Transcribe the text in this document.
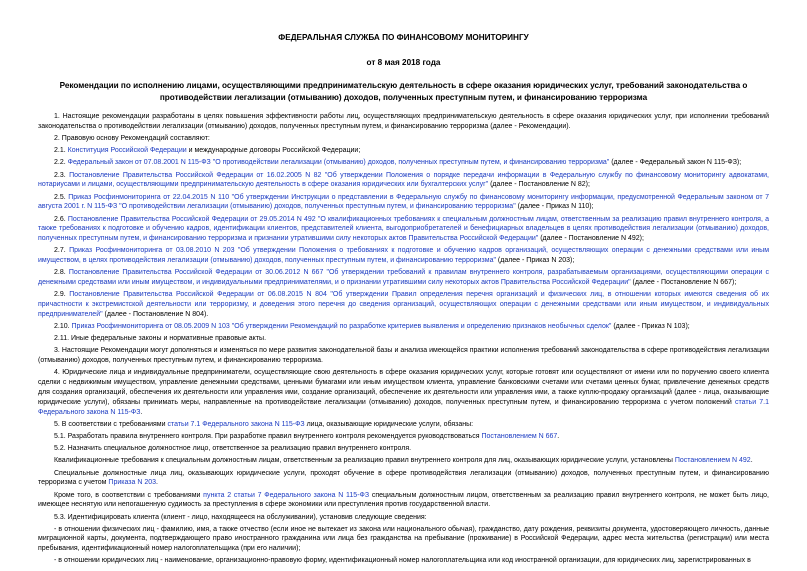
ФЕДЕРАЛЬНАЯ СЛУЖБА ПО ФИНАНСОВОМУ МОНИТОРИНГУ
от 8 мая 2018 года
Рекомендации по исполнению лицами, осуществляющими предпринимательскую деятельность в сфере оказания юридических услуг, требований законодательства о противодействии легализации (отмыванию) доходов, полученных преступным путем, и финансированию терроризма
1. Настоящие рекомендации разработаны в целях повышения эффективности работы лиц, осуществляющих предпринимательскую деятельность в сфере оказания юридических услуг, при исполнении требований законодательства о противодействии легализации (отмыванию) доходов, полученных преступным путем, и финансированию терроризма (далее - Рекомендации).
2. Правовую основу Рекомендаций составляют:
2.1. Конституция Российской Федерации и международные договоры Российской Федерации;
2.2. Федеральный закон от 07.08.2001 N 115-ФЗ "О противодействии легализации (отмыванию) доходов, полученных преступным путем, и финансированию терроризма" (далее - Федеральный закон N 115-ФЗ);
2.3. Постановление Правительства Российской Федерации от 16.02.2005 N 82 "Об утверждении Положения о порядке передачи информации в Федеральную службу по финансовому мониторингу адвокатами, нотариусами и лицами, осуществляющими предпринимательскую деятельность в сфере оказания юридических или бухгалтерских услуг" (далее - Постановление N 82);
2.5. Приказ Росфинмониторинга от 22.04.2015 N 110 "Об утверждении Инструкции о представлении в Федеральную службу по финансовому мониторингу информации, предусмотренной Федеральным законом от 7 августа 2001 г. N 115-ФЗ "О противодействии легализации (отмыванию) доходов, полученных преступным путем, и финансированию терроризма" (далее - Приказ N 110);
2.6. Постановление Правительства Российской Федерации от 29.05.2014 N 492 "О квалификационных требованиях к специальным должностным лицам, ответственным за реализацию правил внутреннего контроля, а также требованиях к подготовке и обучению кадров, идентификации клиентов, представителей клиента, выгодоприобретателей и бенефициарных владельцев в целях противодействия легализации (отмыванию) доходов, полученных преступным путем, и финансированию терроризма и признании утратившими силу некоторых актов Правительства Российской Федерации" (далее - Постановление N 492);
2.7. Приказ Росфинмониторинга от 03.08.2010 N 203 "Об утверждении Положения о требованиях к подготовке и обучению кадров организаций, осуществляющих операции с денежными средствами или иным имуществом, в целях противодействия легализации (отмыванию) доходов, полученных преступным путем, и финансированию терроризма" (далее - Приказ N 203);
2.8. Постановление Правительства Российской Федерации от 30.06.2012 N 667 "Об утверждении требований к правилам внутреннего контроля, разрабатываемым организациями, осуществляющими операции с денежными средствами или иным имуществом, и индивидуальными предпринимателями, и о признании утратившими силу некоторых актов Правительства Российской Федерации" (далее - Постановление N 667);
2.9. Постановление Правительства Российской Федерации от 06.08.2015 N 804 "Об утверждении Правил определения перечня организаций и физических лиц, в отношении которых имеются сведения об их причастности к экстремистской деятельности или терроризму, и доведения этого перечня до сведения организаций, осуществляющих операции с денежными средствами или иным имуществом, и индивидуальных предпринимателей" (далее - Постановление N 804).
2.10. Приказ Росфинмониторинга от 08.05.2009 N 103 "Об утверждении Рекомендаций по разработке критериев выявления и определению признаков необычных сделок" (далее - Приказ N 103);
2.11. Иные федеральные законы и нормативные правовые акты.
3. Настоящие Рекомендации могут дополняться и изменяться по мере развития законодательной базы и анализа имеющейся практики исполнения требований законодательства в сфере противодействия легализации (отмыванию) доходов, полученных преступным путем, и финансированию терроризма.
4. Юридические лица и индивидуальные предприниматели, осуществляющие свою деятельность в сфере оказания юридических услуг, которые готовят или осуществляют от имени или по поручению своего клиента сделки с недвижимым имуществом, управление денежными средствами, ценными бумагами или иным имуществом клиента, управление банковскими счетами или счетами ценных бумаг, привлечение денежных средств для создания организаций, обеспечения их деятельности или управления ими, создание организаций, обеспечение их деятельности или управления ими, а также куплю-продажу организаций (далее - лица, оказывающие юридические услуги), обязаны принимать меры, направленные на противодействие легализации (отмыванию) доходов, полученных преступным путем, и финансированию терроризма с учетом положений статьи 7.1 Федерального закона N 115-ФЗ.
5. В соответствии с требованиями статьи 7.1 Федерального закона N 115-ФЗ лица, оказывающие юридические услуги, обязаны:
5.1. Разработать правила внутреннего контроля. При разработке правил внутреннего контроля рекомендуется руководствоваться Постановлением N 667.
5.2. Назначить специальное должностное лицо, ответственное за реализацию правил внутреннего контроля.
Квалификационные требования к специальным должностным лицам, ответственным за реализацию правил внутреннего контроля для лиц, оказывающих юридические услуги, установлены Постановлением N 492.
Специальные должностные лица лиц, оказывающих юридические услуги, проходят обучение в сфере противодействия легализации (отмыванию) доходов, полученных преступным путем, и финансированию терроризма с учетом Приказа N 203.
Кроме того, в соответствии с требованиями пункта 2 статьи 7 Федерального закона N 115-ФЗ специальным должностным лицом, ответственным за реализацию правил внутреннего контроля, не может быть лицо, имеющее неснятую или непогашенную судимость за преступления в сфере экономики или преступления против государственной власти.
5.3. Идентифицировать клиента (клиент - лицо, находящееся на обслуживании), установив следующие сведения:
- в отношении физических лиц - фамилию, имя, а также отчество (если иное не вытекает из закона или национального обычая), гражданство, дату рождения, реквизиты документа, удостоверяющего личность, данные миграционной карты, документа, подтверждающего право иностранного гражданина или лица без гражданства на пребывание (проживание) в Российской Федерации, адрес места жительства (регистрации) или места пребывания, идентификационный номер налогоплательщика (при его наличии);
- в отношении юридических лиц - наименование, организационно-правовую форму, идентификационный номер налогоплательщика или код иностранной организации, для юридических лиц, зарегистрированных в
